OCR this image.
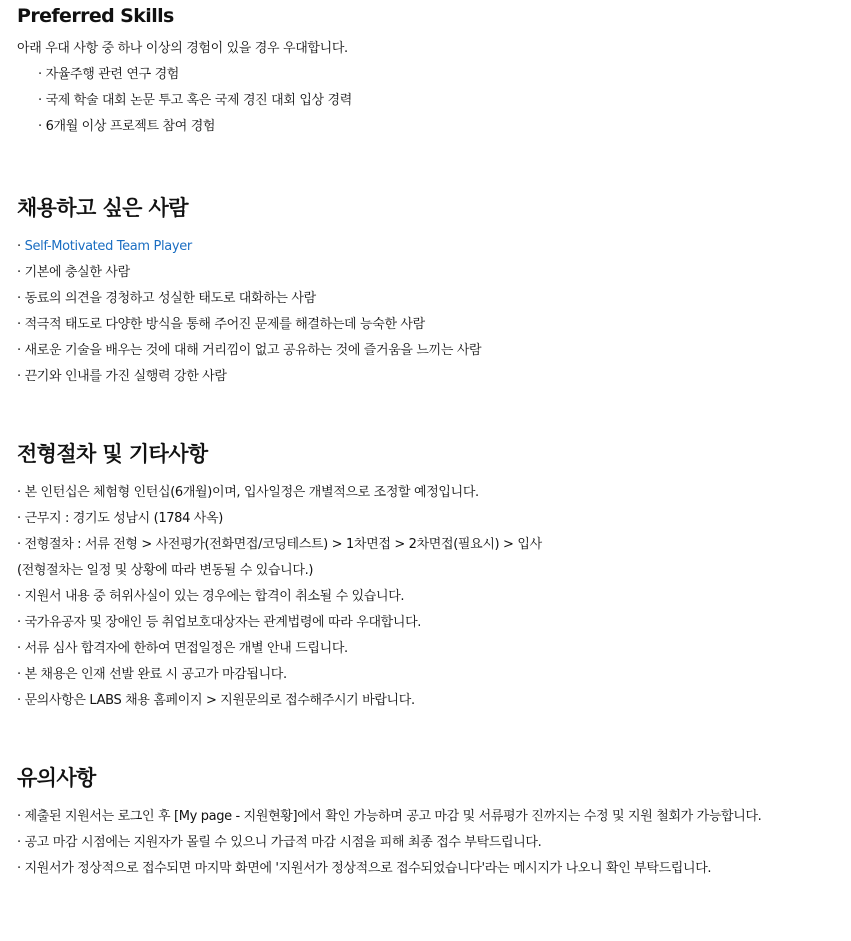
Preferred Skills
아래 우대 사항 중 하나 이상의 경험이 있을 경우 우대합니다.
· 자율주행 관련 연구 경험
· 국제 학술 대회 논문 투고 혹은 국제 경진 대회 입상 경력
· 6개월 이상 프로젝트 참여 경험
채용하고 싶은 사람
· Self-Motivated Team Player
· 기본에 충실한 사람
· 동료의 의견을 경청하고 성실한 태도로 대화하는 사람
· 적극적 태도로 다양한 방식을 통해 주어진 문제를 해결하는데 능숙한 사람
· 새로운 기술을 배우는 것에 대해 거리낌이 없고 공유하는 것에 즐거움을 느끼는 사람
· 끈기와 인내를 가진 실행력 강한 사람
전형절차 및 기타사항
· 본 인턴십은 체험형 인턴십(6개월)이며, 입사일정은 개별적으로 조정할 예정입니다.
· 근무지 : 경기도 성남시 (1784 사옥)
· 전형절차 : 서류 전형 > 사전평가(전화면접/코딩테스트) > 1차면접 > 2차면접(필요시) > 입사
(전형절차는 일정 및 상황에 따라 변동될 수 있습니다.)
· 지원서 내용 중 허위사실이 있는 경우에는 합격이 취소될 수 있습니다.
· 국가유공자 및 장애인 등 취업보호대상자는 관계법령에 따라 우대합니다.
· 서류 심사 합격자에 한하여 면접일정은 개별 안내 드립니다.
· 본 채용은 인재 선발 완료 시 공고가 마감됩니다.
· 문의사항은 LABS 채용 홈페이지 > 지원문의로 접수해주시기 바랍니다.
유의사항
· 제출된 지원서는 로그인 후 [My page - 지원현황]에서 확인 가능하며 공고 마감 및 서류평가 진까지는 수정 및 지원 철회가 가능합니다.
· 공고 마감 시점에는 지원자가 몰릴 수 있으니 가급적 마감 시점을 피해 최종 접수 부탁드립니다.
· 지원서가 정상적으로 접수되면 마지막 화면에 '지원서가 정상적으로 접수되었습니다'라는 메시지가 나오니 확인 부탁드립니다.
